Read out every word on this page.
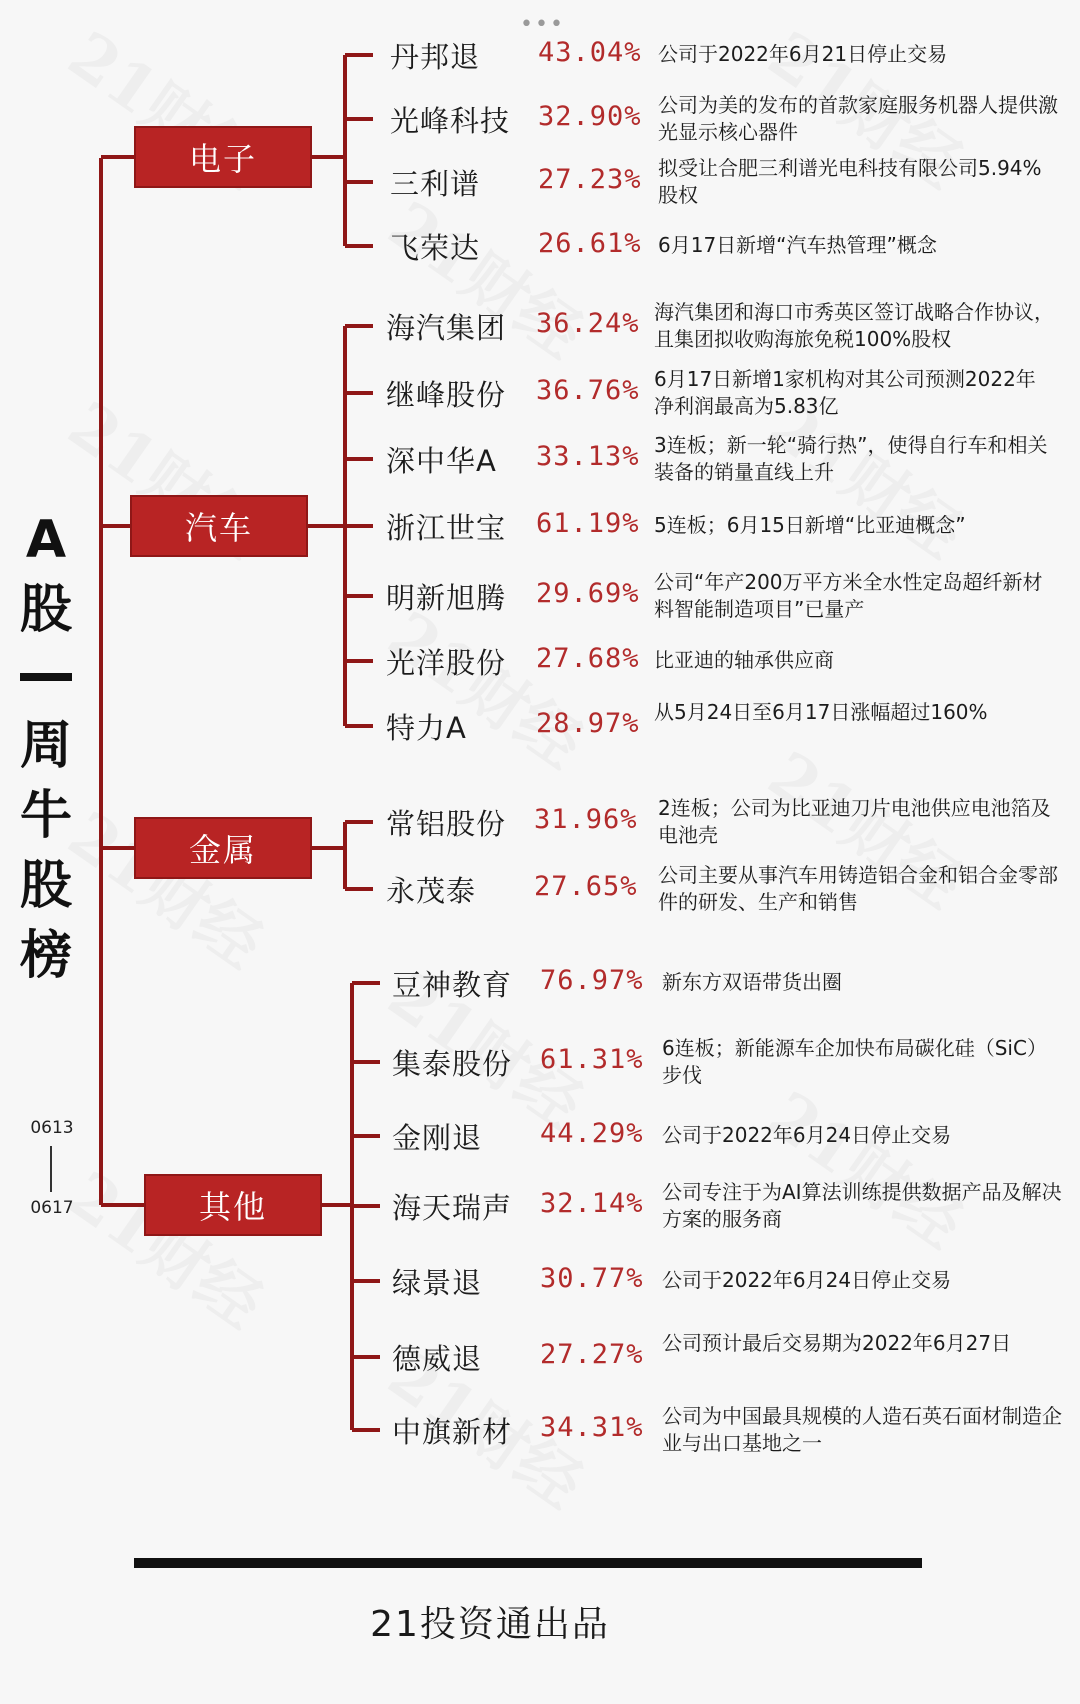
•••
A
股
周
牛
股
榜
0613
0617
电子
丹邦退 43.04% 公司于2022年6月21日停止交易
光峰科技 32.90% 公司为美的发布的首款家庭服务机器人提供激光显示核心器件
三利谱 27.23% 拟受让合肥三利谱光电科技有限公司5.94%股权
飞荣达 26.61% 6月17日新增“汽车热管理”概念
汽车
海汽集团 36.24% 海汽集团和海口市秀英区签订战略合作协议，且集团拟收购海旅免税100%股权
继峰股份 36.76% 6月17日新增1家机构对其公司预测2022年净利润最高为5.83亿
深中华A 33.13% 3连板；新一轮“骑行热”，使得自行车和相关装备的销量直线上升
浙江世宝 61.19% 5连板；6月15日新增“比亚迪概念”
明新旭腾 29.69% 公司“年产200万平方米全水性定岛超纤新材料智能制造项目”已量产
光洋股份 27.68% 比亚迪的轴承供应商
特力A	28.97% 从5月24日至6月17日涨幅超过160%
金属
常铝股份 31.96% 2连板；公司为比亚迪刀片电池供应电池箔及电池壳
永茂泰 27.65% 公司主要从事汽车用铸造铝合金和铝合金零部件的研发、生产和销售
其他
豆神教育 76.97% 新东方双语带货出圈
集泰股份 61.31% 6连板；新能源车企加快布局碳化硅（SiC）步伐
金刚退 44.29% 公司于2022年6月24日停止交易
海天瑞声 32.14% 公司专注于为AI算法训练提供数据产品及解决方案的服务商
绿景退 30.77% 公司于2022年6月24日停止交易
德威退 27.27% 公司预计最后交易期为2022年6月27日
中旗新材 34.31% 公司为中国最具规模的人造石英石面材制造企业与出口基地之一
21投资通出品
